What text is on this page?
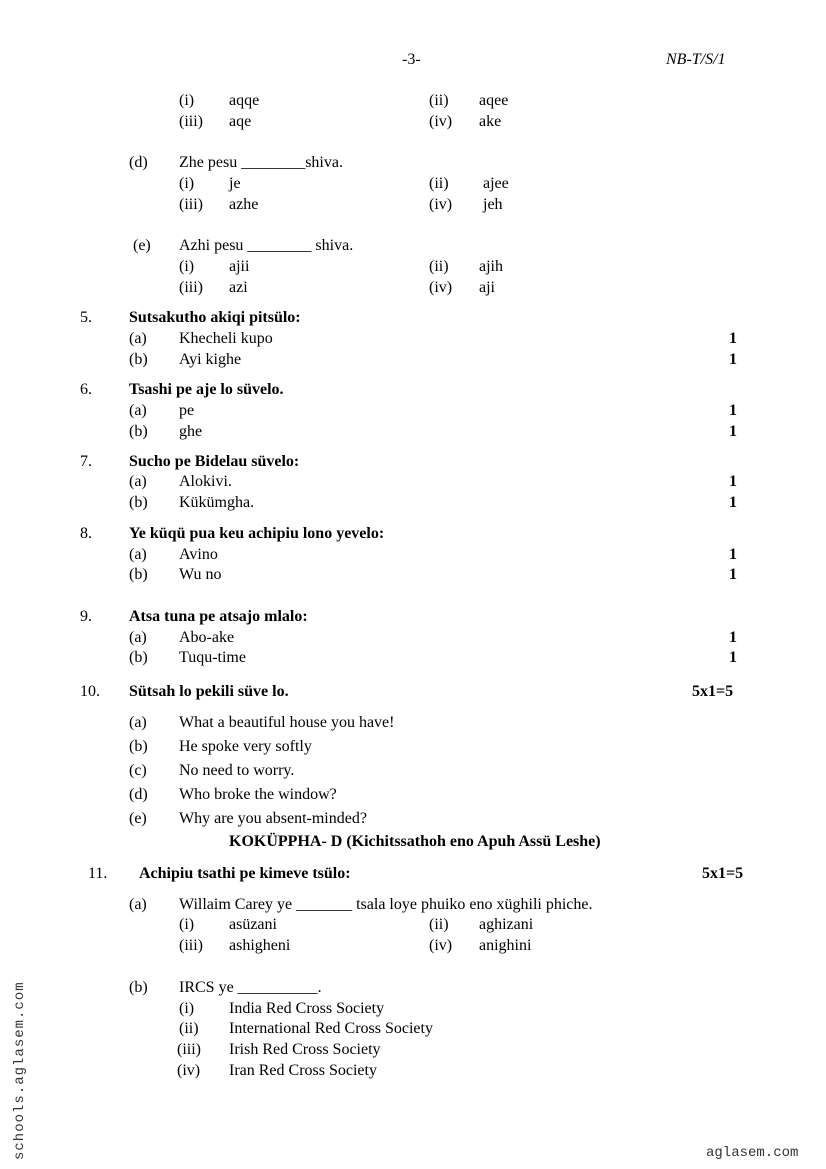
-3-	NB-T/S/1
(i) aqqe	(ii) aqee
(iii) aqe	(iv) ake
(d) Zhe pesu ________shiva.
(i) je	(ii) ajee
(iii) azhe	(iv) jeh
(e) Azhi pesu ________ shiva.
(i) ajii	(ii) ajih
(iii) azi	(iv) aji
5. Sutsakutho akiqi pitsülo:
(a) Khecheli kupo	1
(b) Ayi kighe	1
6. Tsashi pe aje lo süvelo.
(a) pe	1
(b) ghe	1
7. Sucho pe Bidelau süvelo:
(a) Alokivi.	1
(b) Kükümgha.	1
8. Ye küqü pua keu achipiu lono yevelo:
(a) Avino	1
(b) Wu no	1
9. Atsa tuna pe atsajo mlalo:
(a) Abo-ake	1
(b) Tuqu-time	1
10. Sütsah lo pekili süve lo.	5x1=5
(a) What a beautiful house you have!
(b) He spoke very softly
(c) No need to worry.
(d) Who broke the window?
(e) Why are you absent-minded?
KOKÜPPHA- D (Kichitssathoh eno Apuh Assü Leshe)
11. Achipiu tsathi pe kimeve tsülo:	5x1=5
(a) Willaim Carey ye _______ tsala loye phuiko eno xüghili phiche.
(i) asüzani	(ii) aghizani
(iii) ashigheni	(iv) anighini
(b) IRCS ye __________.
(i) India Red Cross Society
(ii) International Red Cross Society
(iii) Irish Red Cross Society
(iv) Iran Red Cross Society
schools.aglasem.com	aglasem.com
